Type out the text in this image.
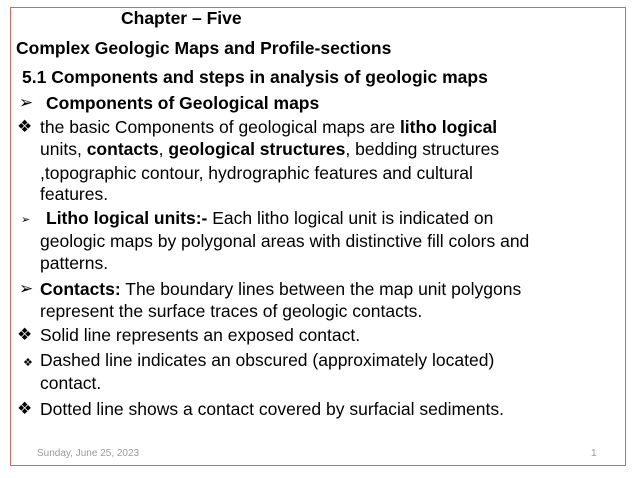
Chapter – Five
Complex Geologic Maps and Profile-sections
5.1 Components and steps in analysis of geologic maps
➢ Components of Geological maps
❖ the basic Components of geological maps are litho logical
units, contacts, geological structures, bedding structures
,topographic contour, hydrographic features and cultural
features.
➢ Litho logical units:- Each litho logical unit is indicated on
geologic maps by polygonal areas with distinctive fill colors and
patterns.
➢ Contacts: The boundary lines between the map unit polygons
represent the surface traces of geologic contacts.
❖ Solid line represents an exposed contact.
❖ Dashed line indicates an obscured (approximately located)
contact.
❖ Dotted line shows a contact covered by surfacial sediments.
Sunday, June 25, 2023	1
